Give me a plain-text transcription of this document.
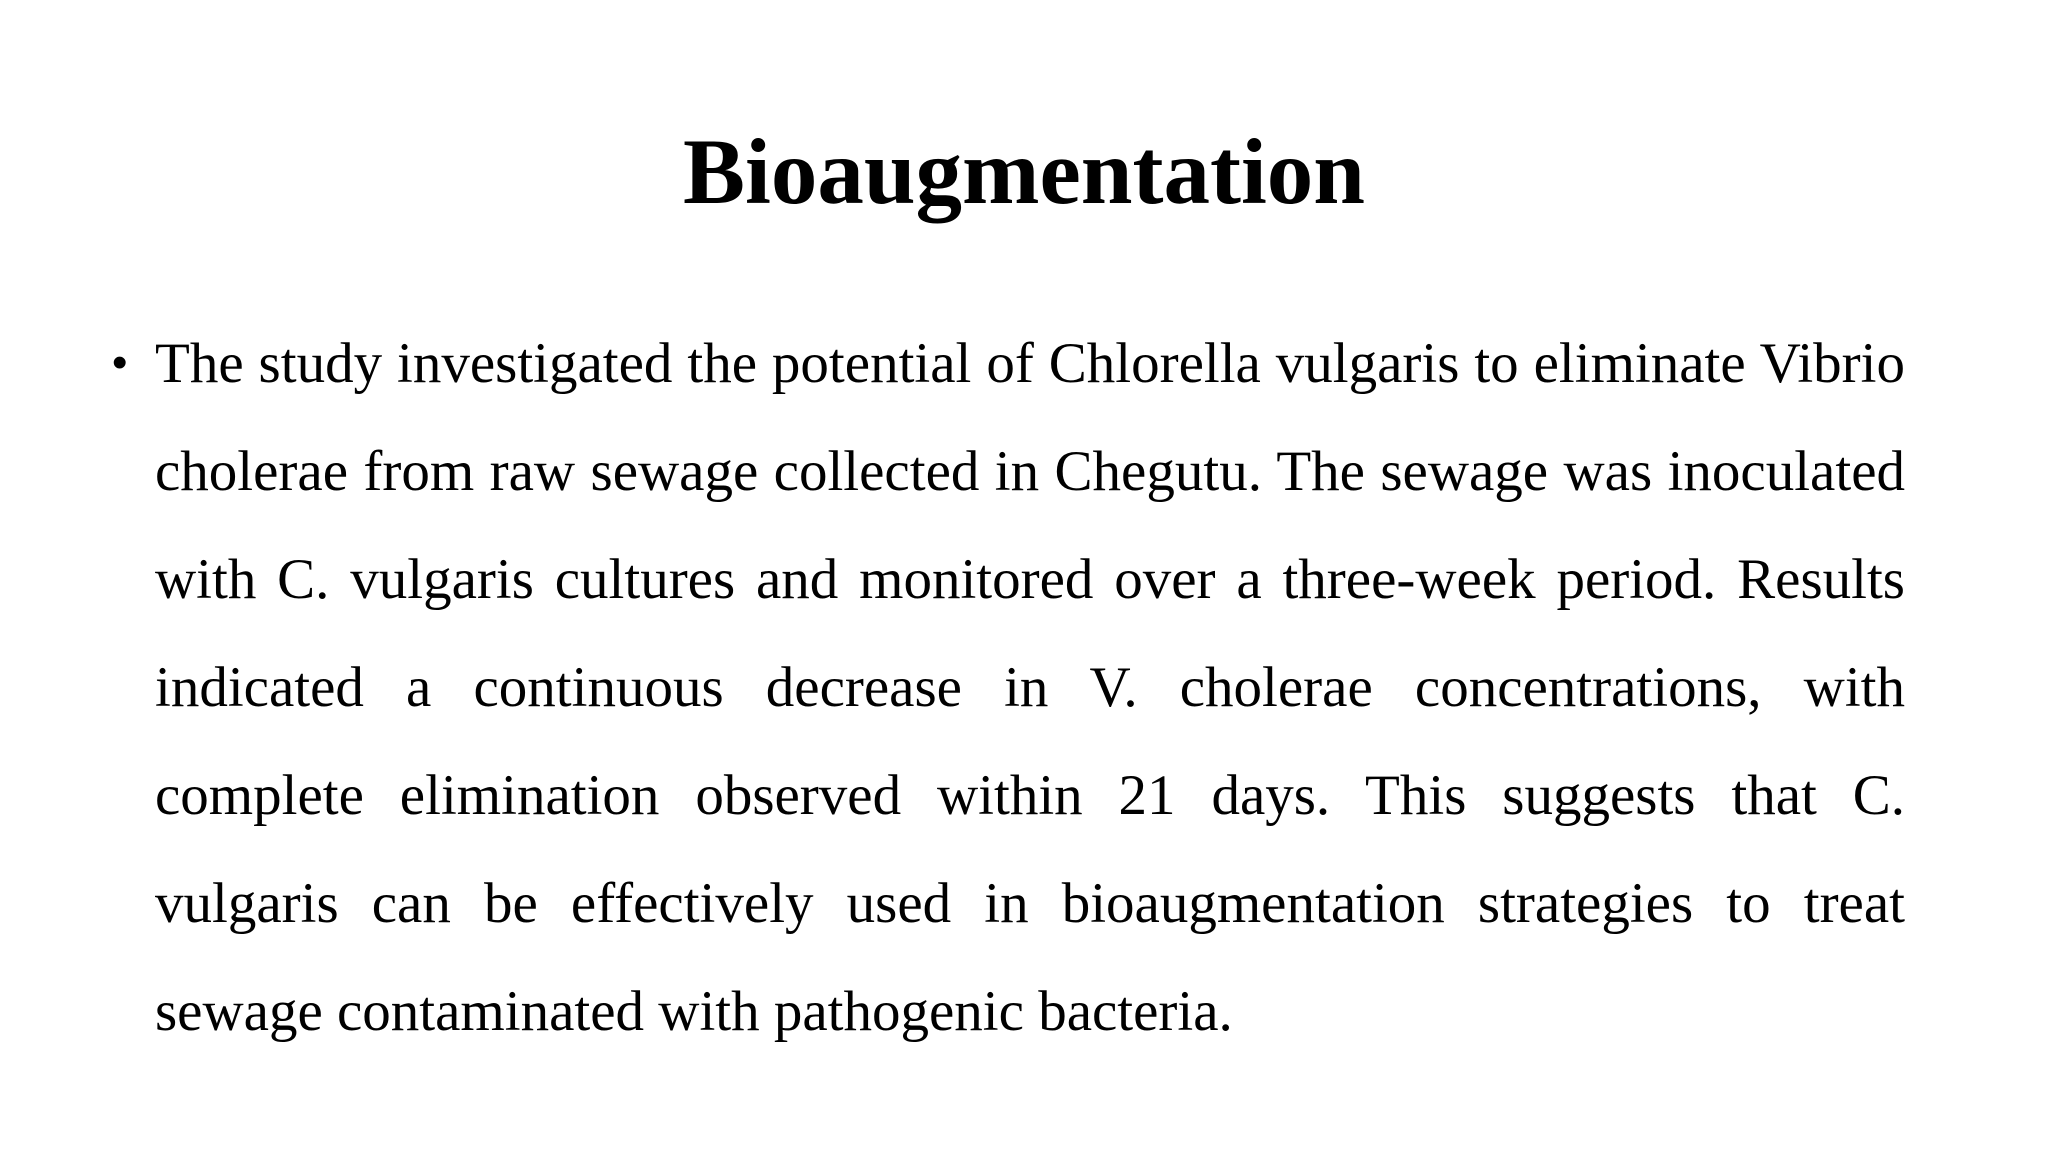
Bioaugmentation
• The study investigated the potential of Chlorella vulgaris to eliminate Vibrio cholerae from raw sewage collected in Chegutu. The sewage was inoculated with C. vulgaris cultures and monitored over a three-week period. Results indicated a continuous decrease in V. cholerae concentrations, with complete elimination observed within 21 days. This suggests that C. vulgaris can be effectively used in bioaugmentation strategies to treat sewage contaminated with pathogenic bacteria.
